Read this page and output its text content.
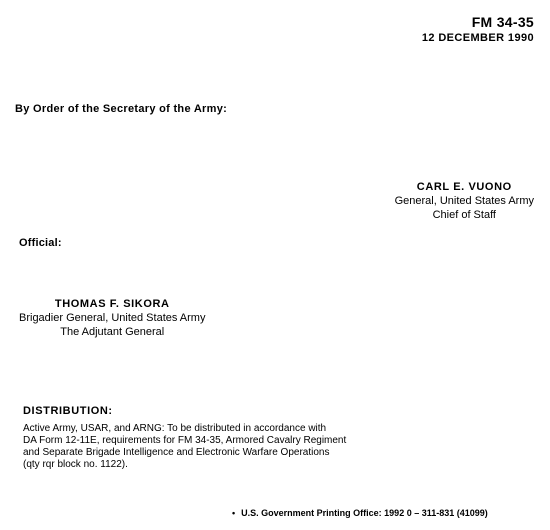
FM 34-35
12 DECEMBER 1990
By Order of the Secretary of the Army:
CARL E. VUONO
General, United States Army
Chief of Staff
Official:
THOMAS F. SIKORA
Brigadier General, United States Army
The Adjutant General
DISTRIBUTION:
Active Army, USAR, and ARNG: To be distributed in accordance with
DA Form 12-11E, requirements for FM 34-35, Armored Cavalry Regiment
and Separate Brigade Intelligence and Electronic Warfare Operations
(qty rqr block no. 1122).
• U.S. Government Printing Office: 1992 0 – 311-831 (41099)
